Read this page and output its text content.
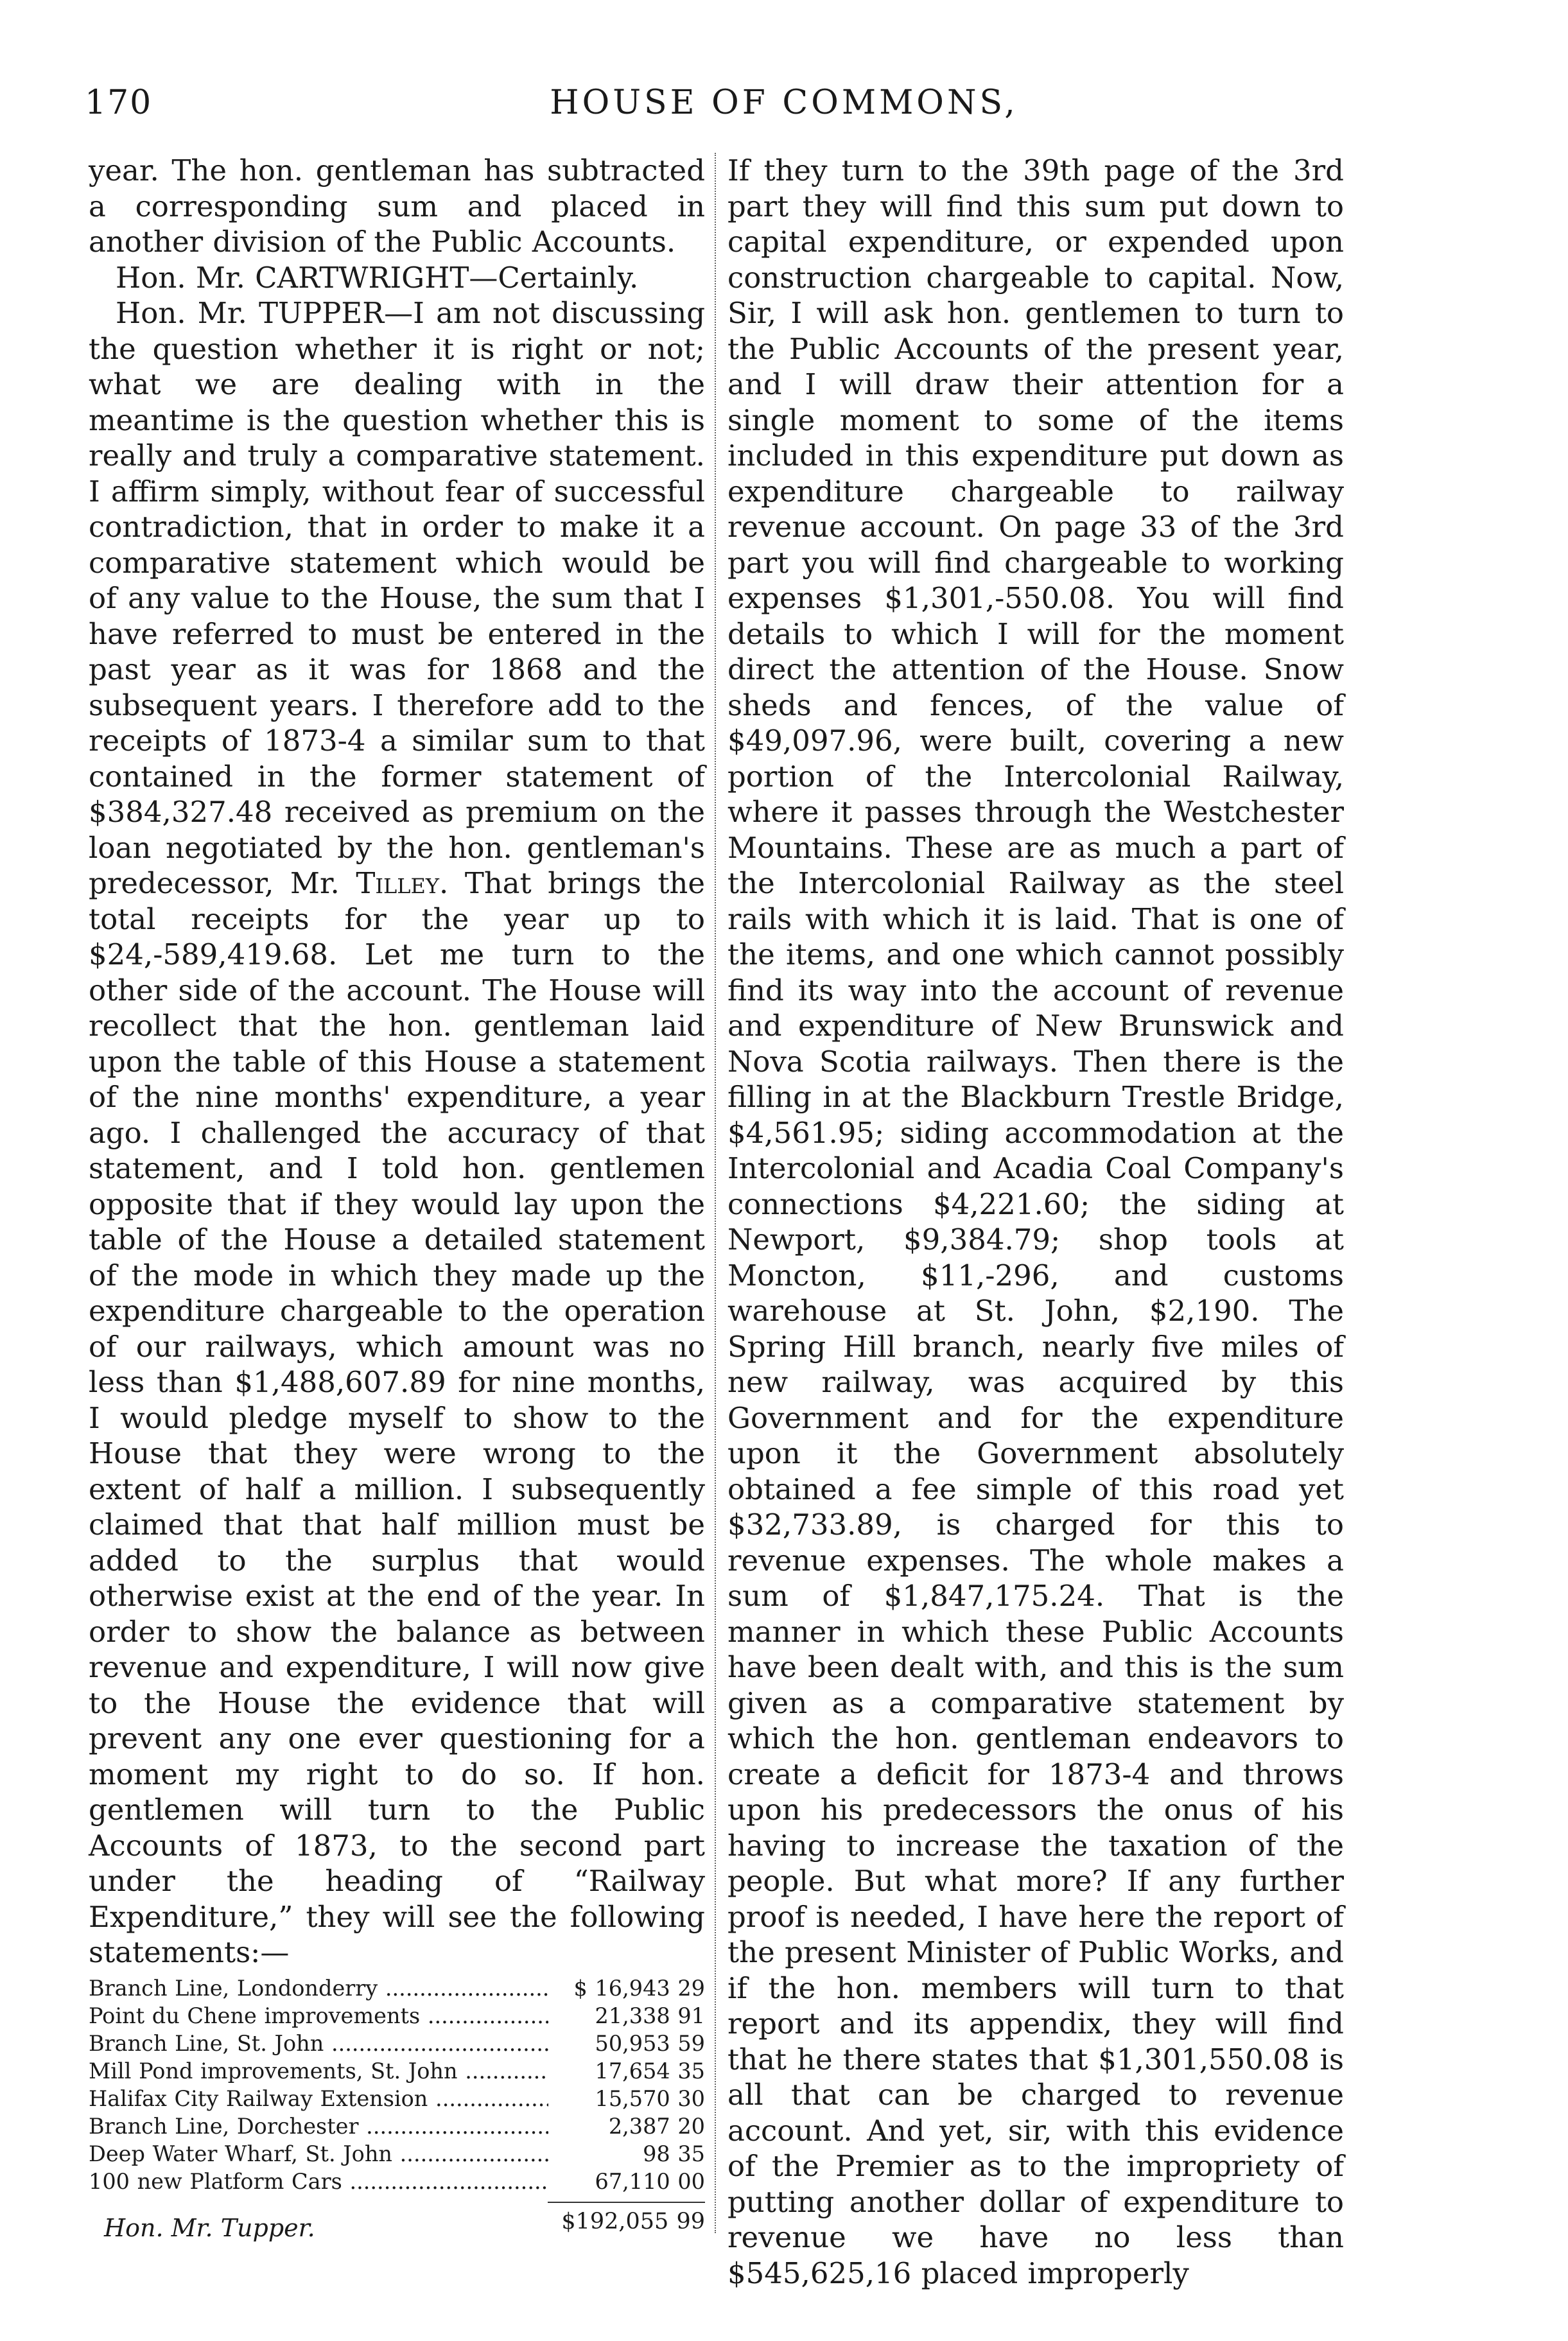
170	HOUSE OF COMMONS,

year. The hon. gentleman has subtracted a corresponding sum and placed in another division of the Public Accounts.

Hon. Mr. CARTWRIGHT—Certainly.

Hon. Mr. TUPPER—I am not discussing the question whether it is right or not; what we are dealing with in the meantime is the question whether this is really and truly a comparative statement. I affirm simply, without fear of successful contradiction, that in order to make it a comparative statement which would be of any value to the House, the sum that I have referred to must be entered in the past year as it was for 1868 and the subsequent years. I therefore add to the receipts of 1873-4 a similar sum to that contained in the former statement of $384,327.48 received as premium on the loan negotiated by the hon. gentleman's predecessor, Mr. Tilley. That brings the total receipts for the year up to $24,-589,419.68. Let me turn to the other side of the account. The House will recollect that the hon. gentleman laid upon the table of this House a statement of the nine months' expenditure, a year ago. I challenged the accuracy of that statement, and I told hon. gentlemen opposite that if they would lay upon the table of the House a detailed statement of the mode in which they made up the expenditure chargeable to the operation of our railways, which amount was no less than $1,488,607.89 for nine months, I would pledge myself to show to the House that they were wrong to the extent of half a million. I subsequently claimed that that half million must be added to the surplus that would otherwise exist at the end of the year. In order to show the balance as between revenue and expenditure, I will now give to the House the evidence that will prevent any one ever questioning for a moment my right to do so. If hon. gentlemen will turn to the Public Accounts of 1873, to the second part under the heading of “Railway Expenditure,” they will see the following statements:—

Branch Line, Londonderry .....	$ 16,943 29
Point du Chene improvements .....	21,338 91
Branch Line, St. John .....	50,953 59
Mill Pond improvements, St. John .....	17,654 35
Halifax City Railway Extension .....	15,570 30
Branch Line, Dorchester .....	2,387 20
Deep Water Wharf, St. John .....	98 35
100 new Platform Cars .....	67,110 00
$192,055 99

If they turn to the 39th page of the 3rd part they will find this sum put down to capital expenditure, or expended upon construction chargeable to capital. Now, Sir, I will ask hon. gentlemen to turn to the Public Accounts of the present year, and I will draw their attention for a single moment to some of the items included in this expenditure put down as expenditure chargeable to railway revenue account. On page 33 of the 3rd part you will find chargeable to working expenses $1,301,-550.08. You will find details to which I will for the moment direct the attention of the House. Snow sheds and fences, of the value of $49,097.96, were built, covering a new portion of the Intercolonial Railway, where it passes through the Westchester Mountains. These are as much a part of the Intercolonial Railway as the steel rails with which it is laid. That is one of the items, and one which cannot possibly find its way into the account of revenue and expenditure of New Brunswick and Nova Scotia railways. Then there is the filling in at the Blackburn Trestle Bridge, $4,561.95; siding accommodation at the Intercolonial and Acadia Coal Company's connections $4,221.60; the siding at Newport, $9,384.79; shop tools at Moncton, $11,-296, and customs warehouse at St. John, $2,190. The Spring Hill branch, nearly five miles of new railway, was acquired by this Government and for the expenditure upon it the Government absolutely obtained a fee simple of this road yet $32,733.89, is charged for this to revenue expenses. The whole makes a sum of $1,847,175.24. That is the manner in which these Public Accounts have been dealt with, and this is the sum given as a comparative statement by which the hon. gentleman endeavors to create a deficit for 1873-4 and throws upon his predecessors the onus of his having to increase the taxation of the people. But what more? If any further proof is needed, I have here the report of the present Minister of Public Works, and if the hon. members will turn to that report and its appendix, they will find that he there states that $1,301,550.08 is all that can be charged to revenue account. And yet, sir, with this evidence of the Premier as to the impropriety of putting another dollar of expenditure to revenue we have no less than $545,625,16 placed improperly

Hon. Mr. Tupper.
